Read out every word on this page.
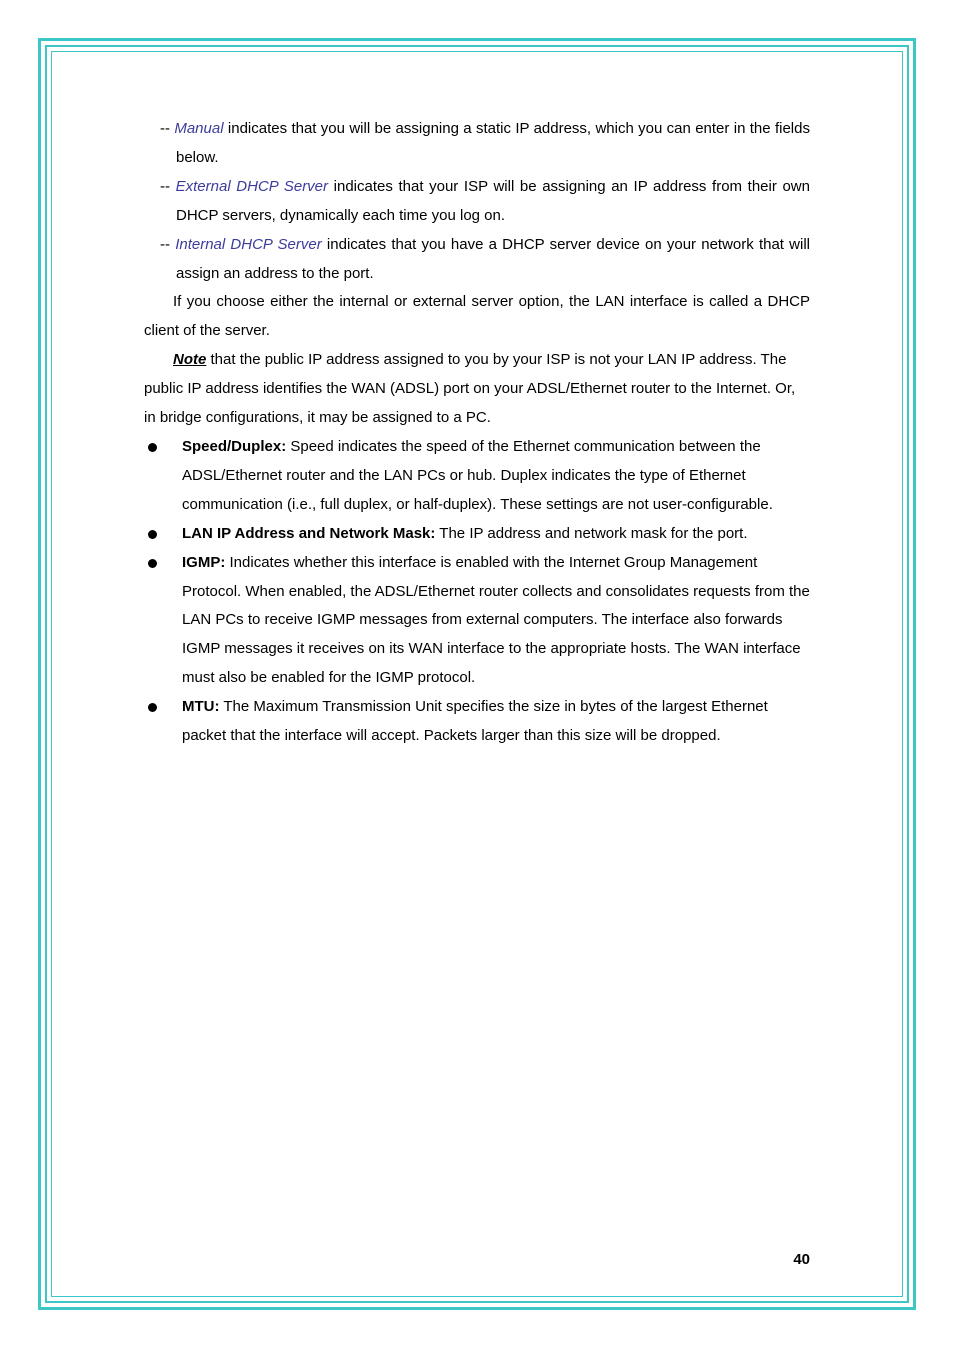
-- Manual indicates that you will be assigning a static IP address, which you can enter in the fields below.
-- External DHCP Server indicates that your ISP will be assigning an IP address from their own DHCP servers, dynamically each time you log on.
-- Internal DHCP Server indicates that you have a DHCP server device on your network that will assign an address to the port.
If you choose either the internal or external server option, the LAN interface is called a DHCP client of the server.
Note that the public IP address assigned to you by your ISP is not your LAN IP address. The public IP address identifies the WAN (ADSL) port on your ADSL/Ethernet router to the Internet. Or, in bridge configurations, it may be assigned to a PC.
Speed/Duplex: Speed indicates the speed of the Ethernet communication between the ADSL/Ethernet router and the LAN PCs or hub. Duplex indicates the type of Ethernet communication (i.e., full duplex, or half-duplex). These settings are not user-configurable.
LAN IP Address and Network Mask: The IP address and network mask for the port.
IGMP: Indicates whether this interface is enabled with the Internet Group Management Protocol. When enabled, the ADSL/Ethernet router collects and consolidates requests from the LAN PCs to receive IGMP messages from external computers. The interface also forwards IGMP messages it receives on its WAN interface to the appropriate hosts. The WAN interface must also be enabled for the IGMP protocol.
MTU: The Maximum Transmission Unit specifies the size in bytes of the largest Ethernet packet that the interface will accept. Packets larger than this size will be dropped.
40
